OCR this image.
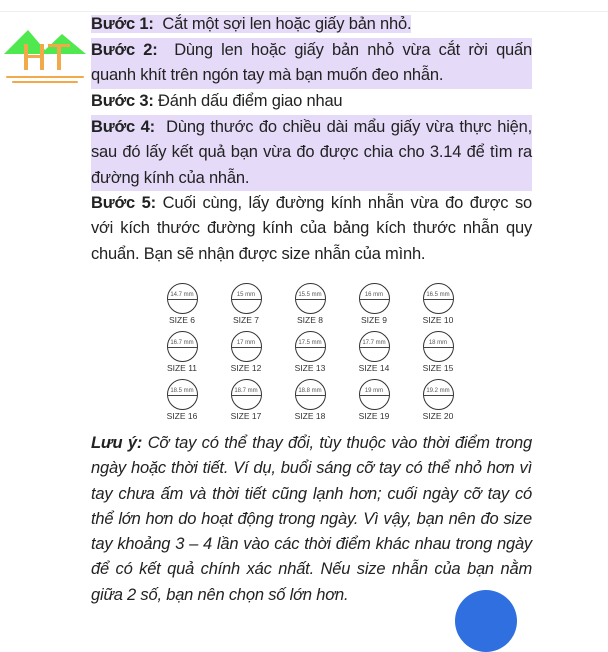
Bước 1: Cắt một sợi len hoặc giấy bản nhỏ.
Bước 2: Dùng len hoặc giấy bản nhỏ vừa cắt rời quấn
quanh khít trên ngón tay mà bạn muốn đeo nhẫn.
Bước 3: Đánh dấu điểm giao nhau
Bước 4: Dùng thước đo chiều dài mẩu giấy vừa thực hiện,
sau đó lấy kết quả bạn vừa đo được chia cho 3.14 để tìm ra
đường kính của nhẫn.
Bước 5: Cuối cùng, lấy đường kính nhẫn vừa đo được so
với kích thước đường kính của bảng kích thước nhẫn quy
chuẩn. Bạn sẽ nhận được size nhẫn của mình.
14.7 mm
SIZE 6
15 mm
SIZE 7
15.5 mm
SIZE 8
16 mm
SIZE 9
16.5 mm
SIZE 10
16.7 mm
SIZE 11
17 mm
SIZE 12
17.5 mm
SIZE 13
17.7 mm
SIZE 14
18 mm
SIZE 15
18.5 mm
SIZE 16
18.7 mm
SIZE 17
18.8 mm
SIZE 18
19 mm
SIZE 19
19.2 mm
SIZE 20
Lưu ý: Cỡ tay có thể thay đổi, tùy thuộc vào thời điểm trong
ngày hoặc thời tiết. Ví dụ, buổi sáng cỡ tay có thể nhỏ hơn vì
tay chưa ấm và thời tiết cũng lạnh hơn; cuối ngày cỡ tay có
thể lớn hơn do hoạt động trong ngày. Vì vậy, bạn nên đo size
tay khoảng 3 – 4 lần vào các thời điểm khác nhau trong ngày
để có kết quả chính xác nhất. Nếu size nhẫn của bạn nằm
giữa 2 số, bạn nên chọn số lớn hơn.
